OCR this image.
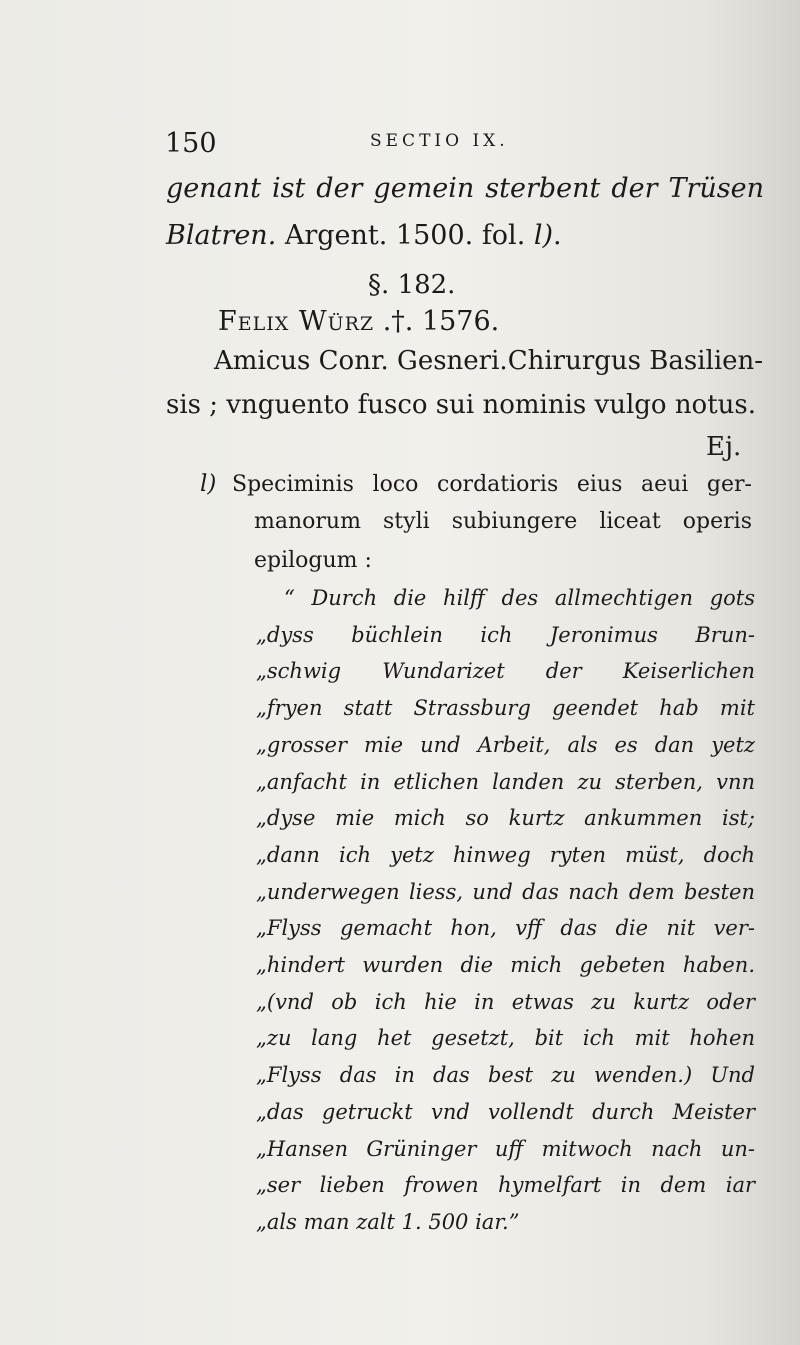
150	SECTIO IX.
genant ist der gemein sterbent der Trüsen
Blatren. Argent. 1500. fol. l).
§. 182.
Felix Würz .†. 1576.
Amicus Conr. Gesneri. Chirurgus Basilien-
sis ; vnguento fusco sui nominis vulgo notus.
Ej.
l) Speciminis loco cordatioris eius aeui ger-
manorum styli subiungere liceat operis
epilogum :
“ Durch die hilff des allmechtigen gots
„dyss büchlein ich Jeronimus Brun-
„schwig Wundarizet der Keiserlichen
„fryen statt Strassburg geendet hab mit
„grosser mie und Arbeit, als es dan yetz
„anfacht in etlichen landen zu sterben, vnn
„dyse mie mich so kurtz ankummen ist;
„dann ich yetz hinweg ryten müst, doch
„underwegen liess, und das nach dem besten
„Flyss gemacht hon, vff das die nit ver-
„hindert wurden die mich gebeten haben.
„(vnd ob ich hie in etwas zu kurtz oder
„zu lang het gesetzt, bit ich mit hohen
„Flyss das in das best zu wenden.) Und
„das getruckt vnd vollendt durch Meister
„Hansen Grüninger uff mitwoch nach un-
„ser lieben frowen hymelfart in dem iar
„als man zalt 1. 500 iar.”
